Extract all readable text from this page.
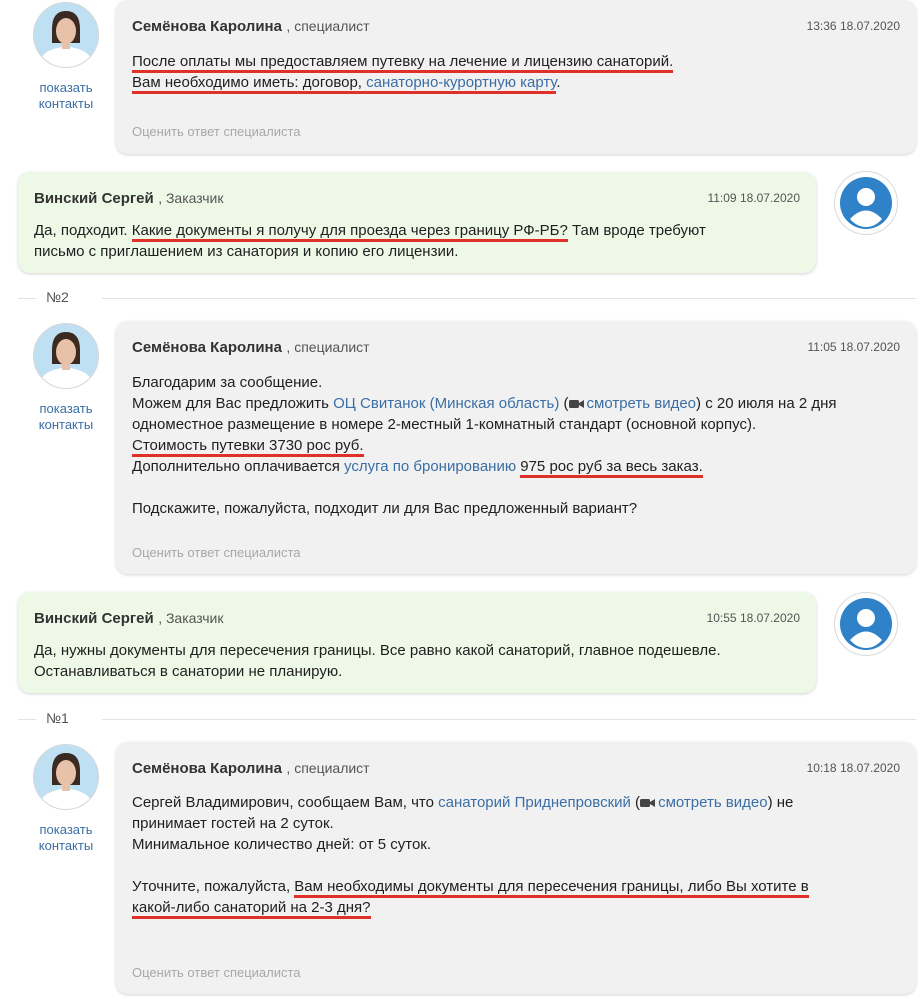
показать
контакты
Семёнова Каролина , специалист	13:36 18.07.2020

После оплаты мы предоставляем путевку на лечение и лицензию санаторий.

Вам необходимо иметь: договор, санаторно-курортную карту.

Оценить ответ специалиста
Винский Сергей , Заказчик	11:09 18.07.2020

Да, подходит. Какие документы я получу для проезда через границу РФ-РБ? Там вроде требуют

письмо с приглашением из санатория и копию его лицензии.

№2
показать
контакты
Семёнова Каролина , специалист	11:05 18.07.2020

Благодарим за сообщение.

Можем для Вас предложить ОЦ Свитанок (Минская область) ( смотреть видео) с 20 июля на 2 дня

одноместное размещение в номере 2-местный 1-комнатный стандарт (основной корпус).

Стоимость путевки 3730 рос руб.

Дополнительно оплачивается услуга по бронированию 975 рос руб за весь заказ.

Подскажите, пожалуйста, подходит ли для Вас предложенный вариант?

Оценить ответ специалиста
Винский Сергей , Заказчик	10:55 18.07.2020

Да, нужны документы для пересечения границы. Все равно какой санаторий, главное подешевле.

Останавливаться в санатории не планирую.

№1
показать
контакты
Семёнова Каролина , специалист	10:18 18.07.2020

Сергей Владимирович, сообщаем Вам, что санаторий Приднепровский ( смотреть видео) не

принимает гостей на 2 суток.

Минимальное количество дней: от 5 суток.

Уточните, пожалуйста, Вам необходимы документы для пересечения границы, либо Вы хотите в

какой-либо санаторий на 2-3 дня?

Оценить ответ специалиста
